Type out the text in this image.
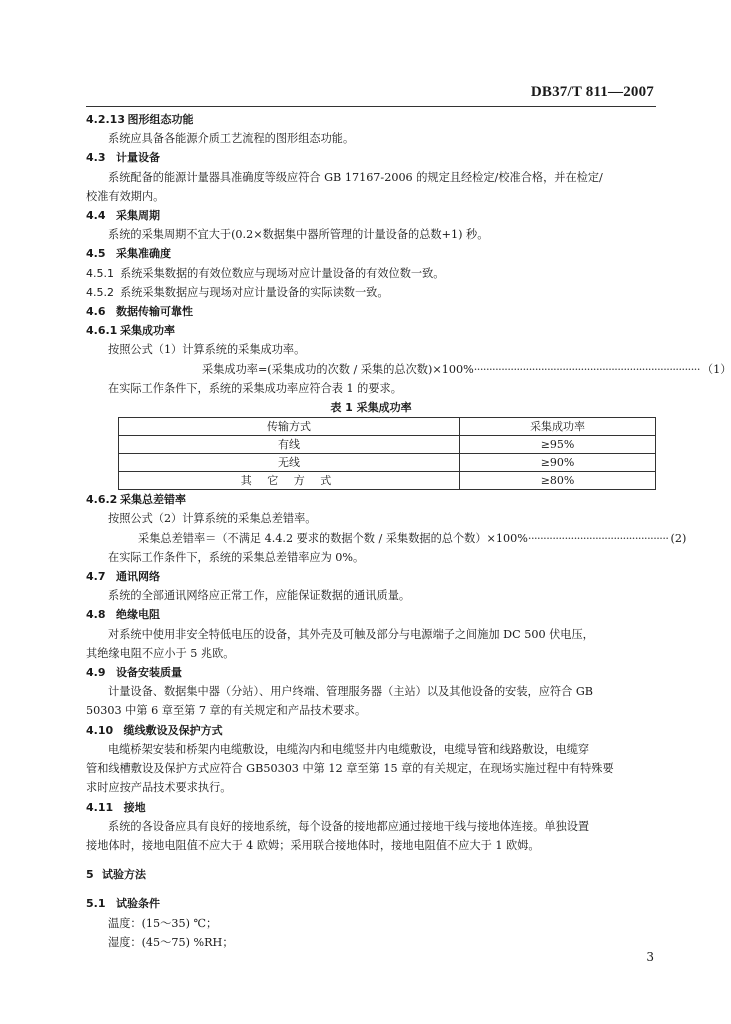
DB37/T 811—2007
4.2.13 图形组态功能
系统应具备各能源介质工艺流程的图形组态功能。
4.3 计量设备
系统配备的能源计量器具准确度等级应符合 GB 17167-2006 的规定且经检定/校准合格，并在检定/
校准有效期内。
4.4 采集周期
系统的采集周期不宜大于(0.2×数据集中器所管理的计量设备的总数+1) 秒。
4.5 采集准确度
4.5.1 系统采集数据的有效位数应与现场对应计量设备的有效位数一致。
4.5.2 系统采集数据应与现场对应计量设备的实际读数一致。
4.6 数据传输可靠性
4.6.1 采集成功率
按照公式（1）计算系统的采集成功率。
采集成功率=(采集成功的次数 / 采集的总次数)×100% ·········································································· （1）
在实际工作条件下，系统的采集成功率应符合表 1 的要求。
表 1 采集成功率
传输方式	采集成功率
有线	≥95%
无线	≥90%
其 它 方 式	≥80%
4.6.2 采集总差错率
按照公式（2）计算系统的采集总差错率。
采集总差错率＝（不满足 4.4.2 要求的数据个数 / 采集数据的总个数）×100% ·············································· (2)
在实际工作条件下，系统的采集总差错率应为 0%。
4.7 通讯网络
系统的全部通讯网络应正常工作，应能保证数据的通讯质量。
4.8 绝缘电阻
对系统中使用非安全特低电压的设备，其外壳及可触及部分与电源端子之间施加 DC 500 伏电压，
其绝缘电阻不应小于 5 兆欧。
4.9 设备安装质量
计量设备、数据集中器（分站）、用户终端、管理服务器（主站）以及其他设备的安装，应符合 GB
50303 中第 6 章至第 7 章的有关规定和产品技术要求。
4.10 缆线敷设及保护方式
电缆桥架安装和桥架内电缆敷设，电缆沟内和电缆竖井内电缆敷设，电缆导管和线路敷设，电缆穿
管和线槽敷设及保护方式应符合 GB50303 中第 12 章至第 15 章的有关规定，在现场实施过程中有特殊要
求时应按产品技术要求执行。
4.11 接地
系统的各设备应具有良好的接地系统，每个设备的接地都应通过接地干线与接地体连接。单独设置
接地体时，接地电阻值不应大于 4 欧姆；采用联合接地体时，接地电阻值不应大于 1 欧姆。
5 试验方法
5.1 试验条件
温度：(15～35) ℃；
湿度：(45～75) %RH；
3
